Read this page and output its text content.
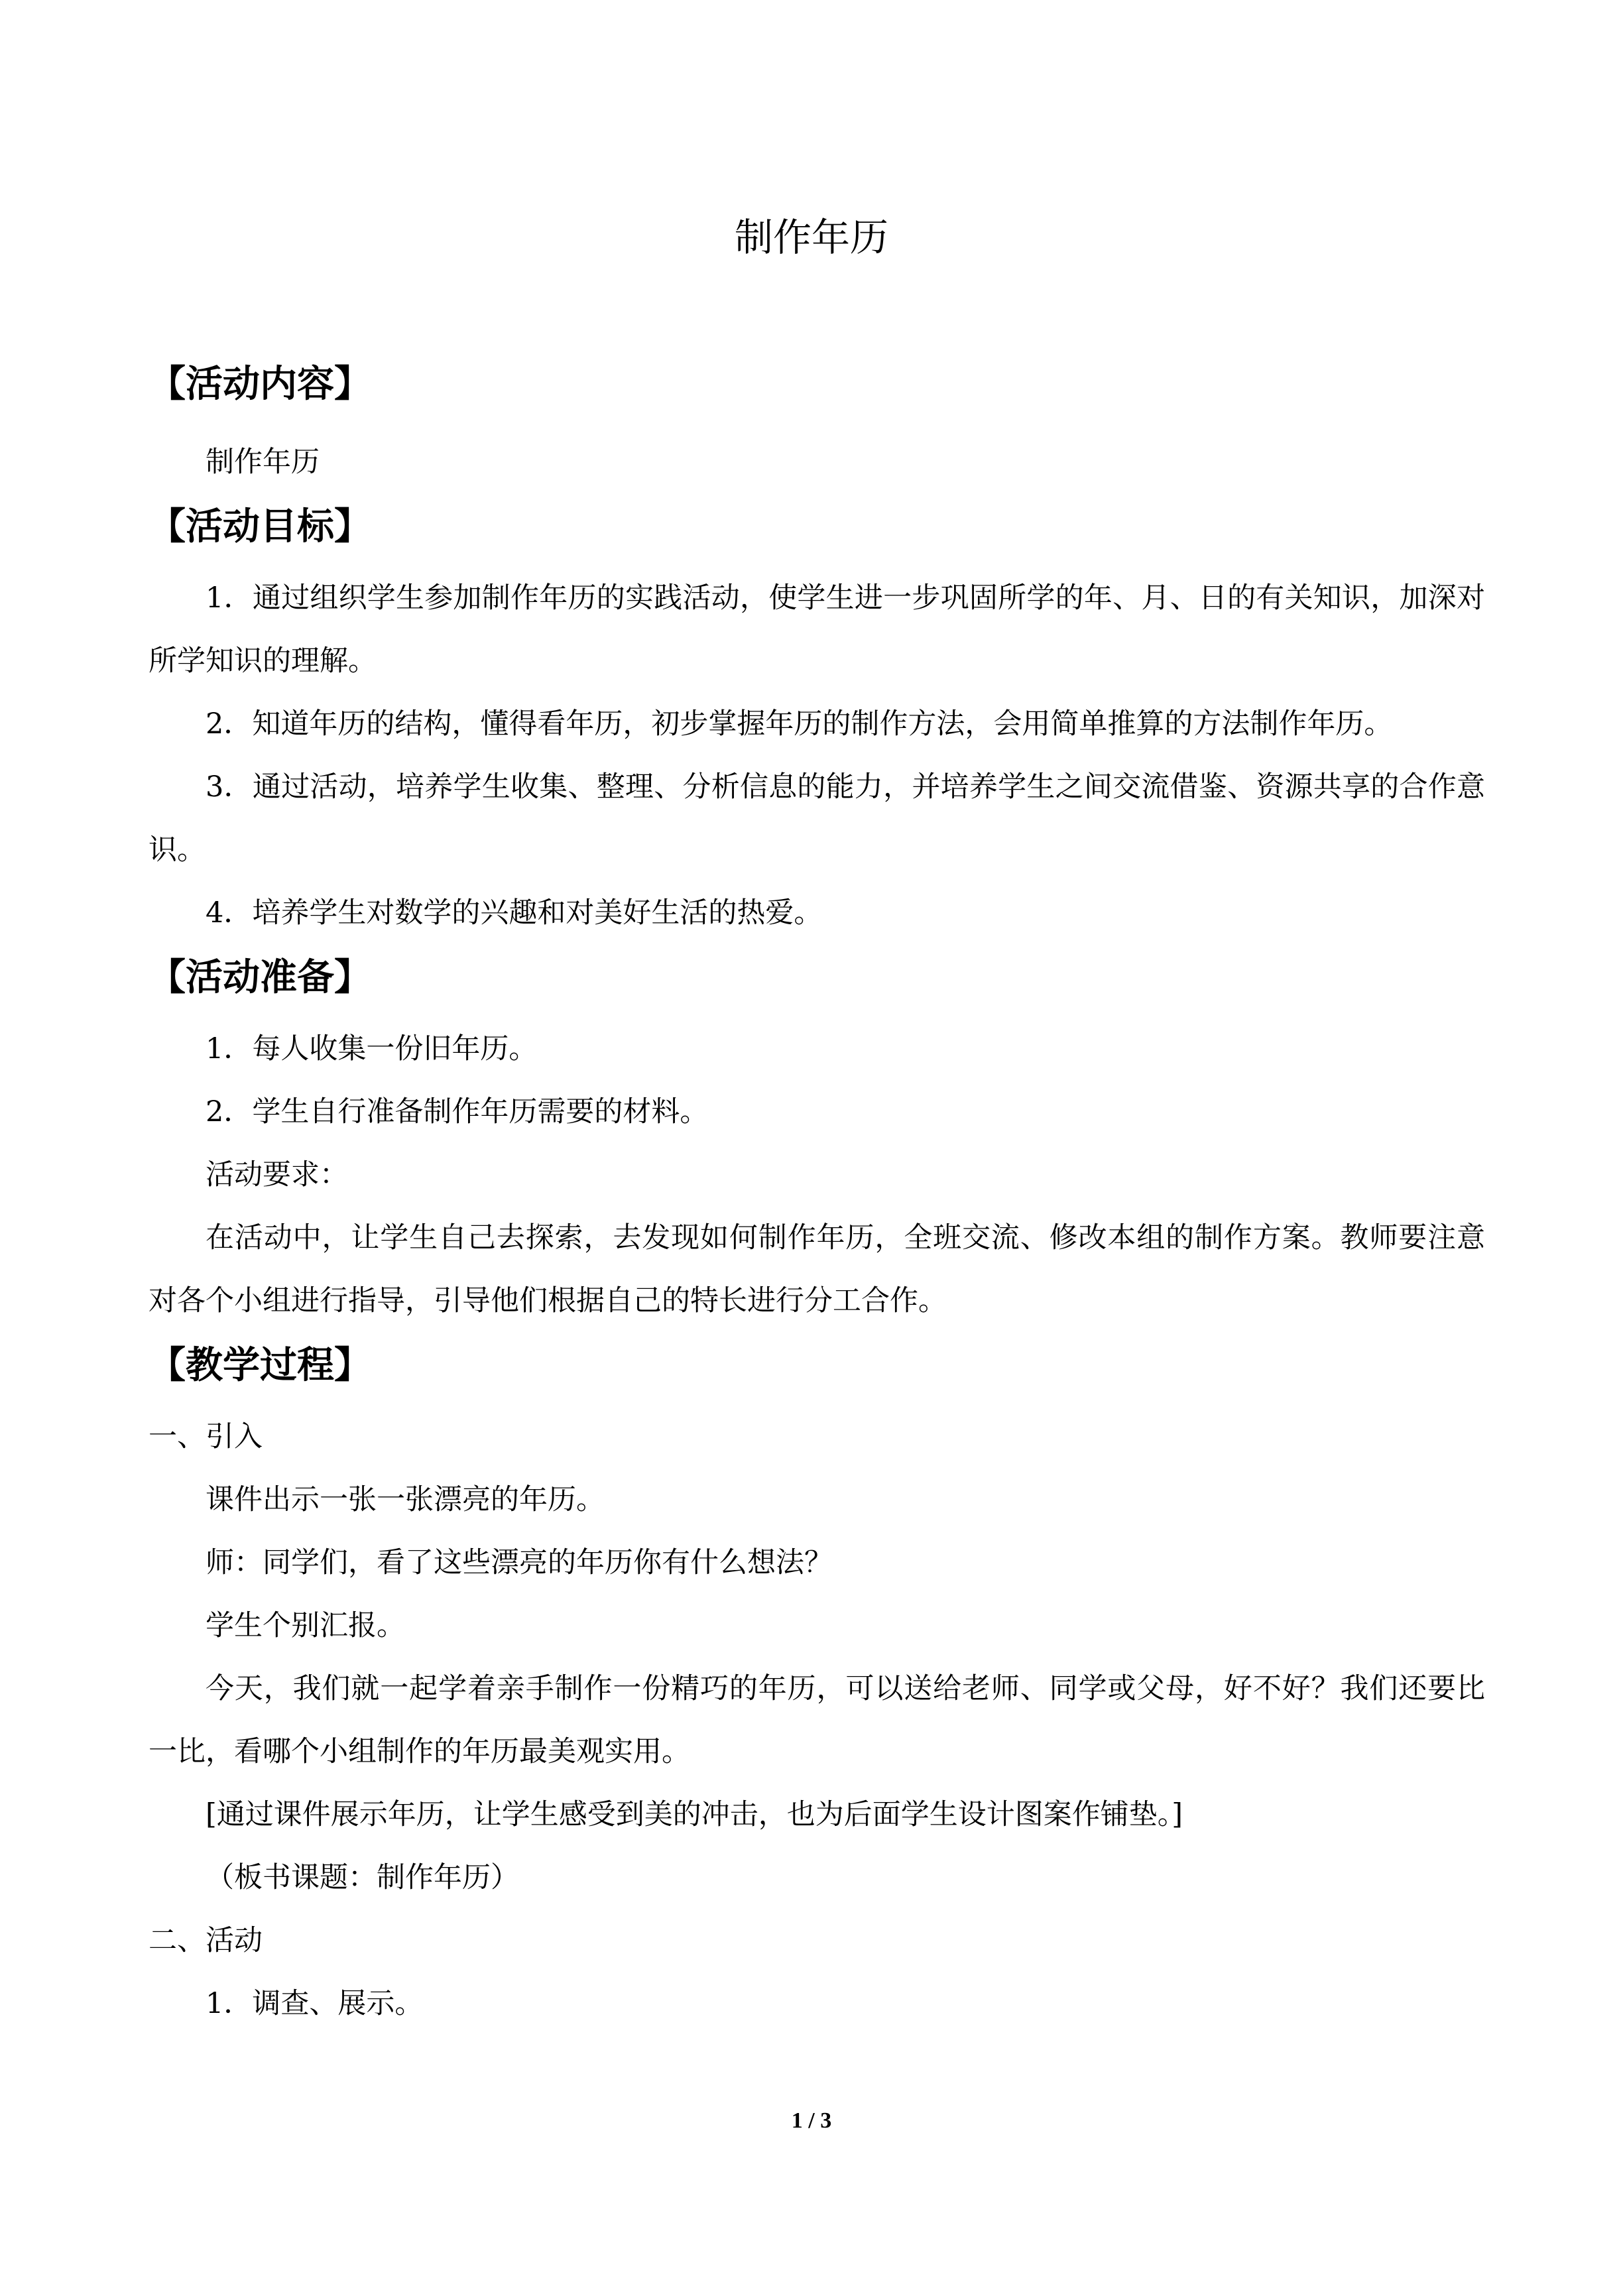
制作年历
【活动内容】

制作年历

【活动目标】

1．通过组织学生参加制作年历的实践活动，使学生进一步巩固所学的年、月、日的有关知识，加深对所学知识的理解。

2．知道年历的结构，懂得看年历，初步掌握年历的制作方法，会用简单推算的方法制作年历。

3．通过活动，培养学生收集、整理、分析信息的能力，并培养学生之间交流借鉴、资源共享的合作意识。

4．培养学生对数学的兴趣和对美好生活的热爱。

【活动准备】

1．每人收集一份旧年历。

2．学生自行准备制作年历需要的材料。

活动要求：

在活动中，让学生自己去探索，去发现如何制作年历，全班交流、修改本组的制作方案。教师要注意对各个小组进行指导，引导他们根据自己的特长进行分工合作。

【教学过程】

一、引入

课件出示一张一张漂亮的年历。

师：同学们，看了这些漂亮的年历你有什么想法？

学生个别汇报。

今天，我们就一起学着亲手制作一份精巧的年历，可以送给老师、同学或父母，好不好？我们还要比一比，看哪个小组制作的年历最美观实用。

[通过课件展示年历，让学生感受到美的冲击，也为后面学生设计图案作铺垫。]

（板书课题：制作年历）

二、活动

1．调查、展示。

1 / 3
